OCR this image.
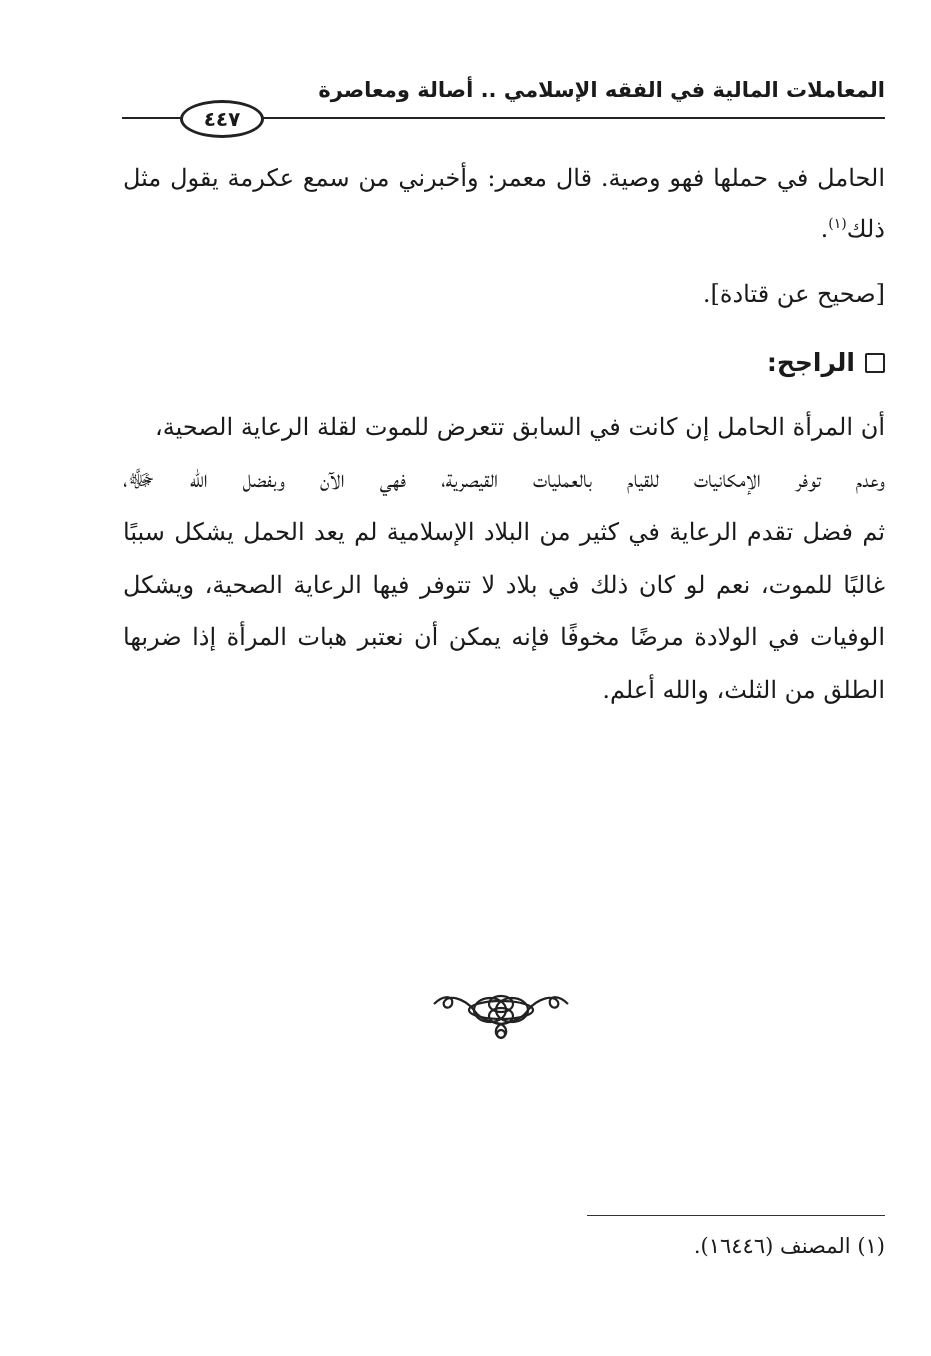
المعاملات المالية في الفقه الإسلامي .. أصالة ومعاصرة
٤٤٧
الحامل في حملها فهو وصية. قال معمر: وأخبرني من سمع عكرمة يقول مثل
ذلك$^{(١)}$.
[صحيح عن قتادة].
الراجح:
أن المرأة الحامل إن كانت في السابق تتعرض للموت لقلة الرعاية الصحية،
وعدم توفر الإمكانيات للقيام بالعمليات القيصرية، فهي الآن وبفضل الله ﷻ،
ثم فضل تقدم الرعاية في كثير من البلاد الإسلامية لم يعد الحمل يشكل سببًا
غالبًا للموت، نعم لو كان ذلك في بلاد لا تتوفر فيها الرعاية الصحية، ويشكل
الوفيات في الولادة مرضًا مخوفًا فإنه يمكن أن نعتبر هبات المرأة إذا ضربها
الطلق من الثلث، والله أعلم.
(١) المصنف (١٦٤٤٦).
